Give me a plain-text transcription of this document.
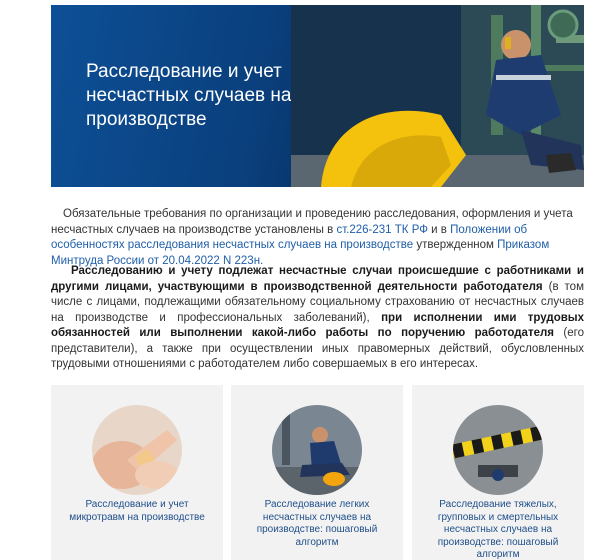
Расследование и учет несчастных случаев на производстве

Обязательные требования по организации и проведению расследования, оформления и учета несчастных случаев на производстве установлены в ст.226-231 ТК РФ и в Положении об особенностях расследования несчастных случаев на производстве утвержденном Приказом Минтруда России от 20.04.2022 N 223н.

Расследованию и учету подлежат несчастные случаи происшедшие с работниками и другими лицами, участвующими в производственной деятельности работодателя (в том числе с лицами, подлежащими обязательному социальному страхованию от несчастных случаев на производстве и профессиональных заболеваний), при исполнении ими трудовых обязанностей или выполнении какой-либо работы по поручению работодателя (его представители), а также при осуществлении иных правомерных действий, обусловленных трудовыми отношениями с работодателем либо совершаемых в его интересах.

Расследование и учет микротравм на производстве
Расследование легких несчастных случаев на производстве: пошаговый алгоритм
Расследование тяжелых, групповых и смертельных несчастных случаев на производстве: пошаговый алгоритм
